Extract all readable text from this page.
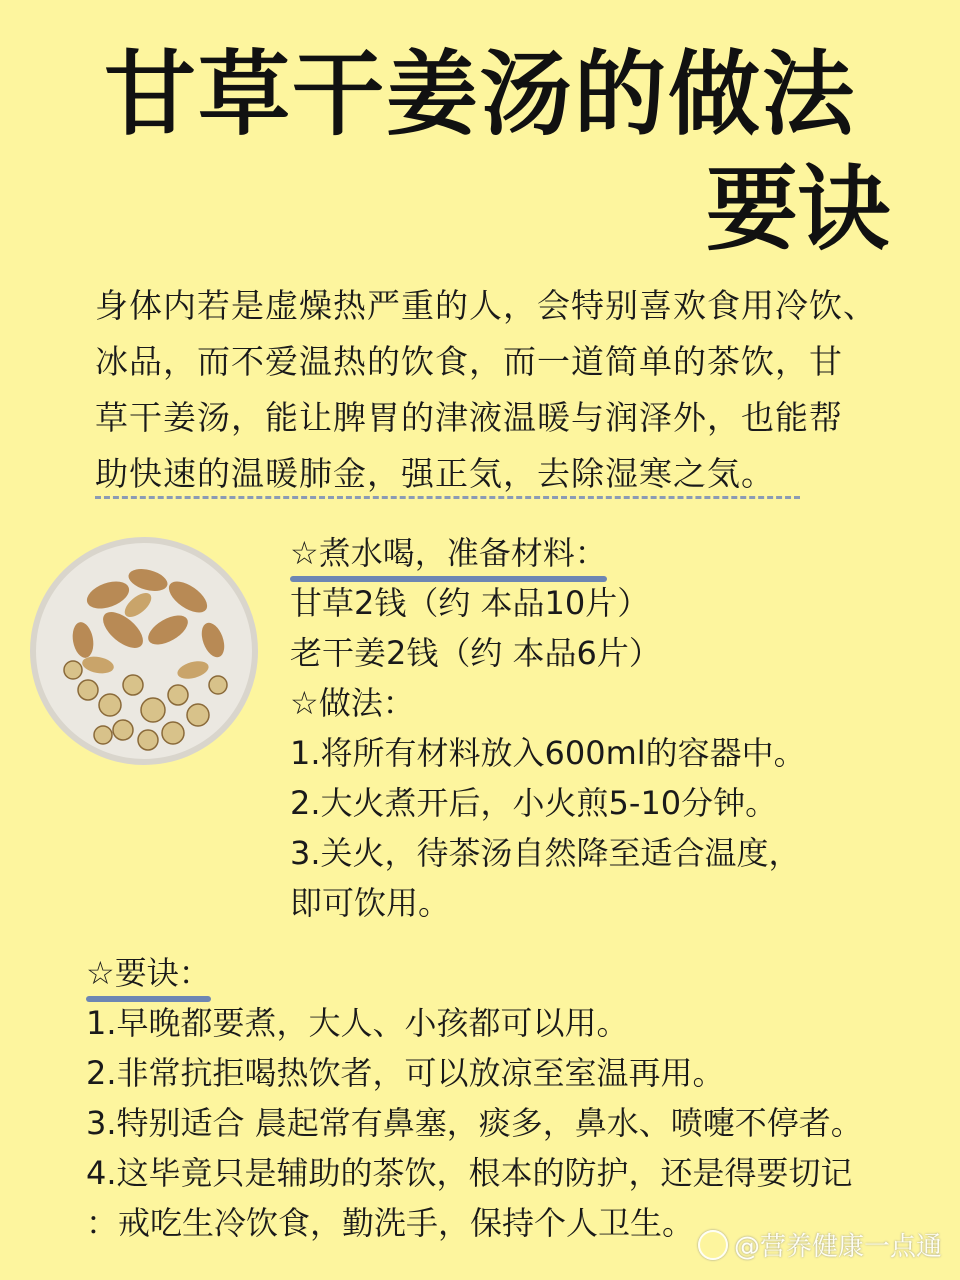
甘草干姜汤的做法
要诀

身体内若是虚燥热严重的人，会特别喜欢食用冷饮、

冰品，而不爱温热的饮食，而一道简单的茶饮，甘

草干姜汤，能让脾胃的津液温暖与润泽外，也能帮

助快速的温暖肺金，强正気，去除湿寒之気。

☆煮水喝，准备材料：

甘草2钱（约 本品10片）

老干姜2钱（约 本品6片）

☆做法：

1.将所有材料放入600ml的容器中。

2.大火煮开后，小火煎5-10分钟。

3.关火，待茶汤自然降至适合温度，

即可饮用。

☆要诀：

1.早晚都要煮，大人、小孩都可以用。

2.非常抗拒喝热饮者，可以放凉至室温再用。

3.特别适合 晨起常有鼻塞，痰多，鼻水、喷嚏不停者。

4.这毕竟只是辅助的茶饮，根本的防护，还是得要切记

：戒吃生冷饮食，勤洗手，保持个人卫生。

@营养健康一点通
